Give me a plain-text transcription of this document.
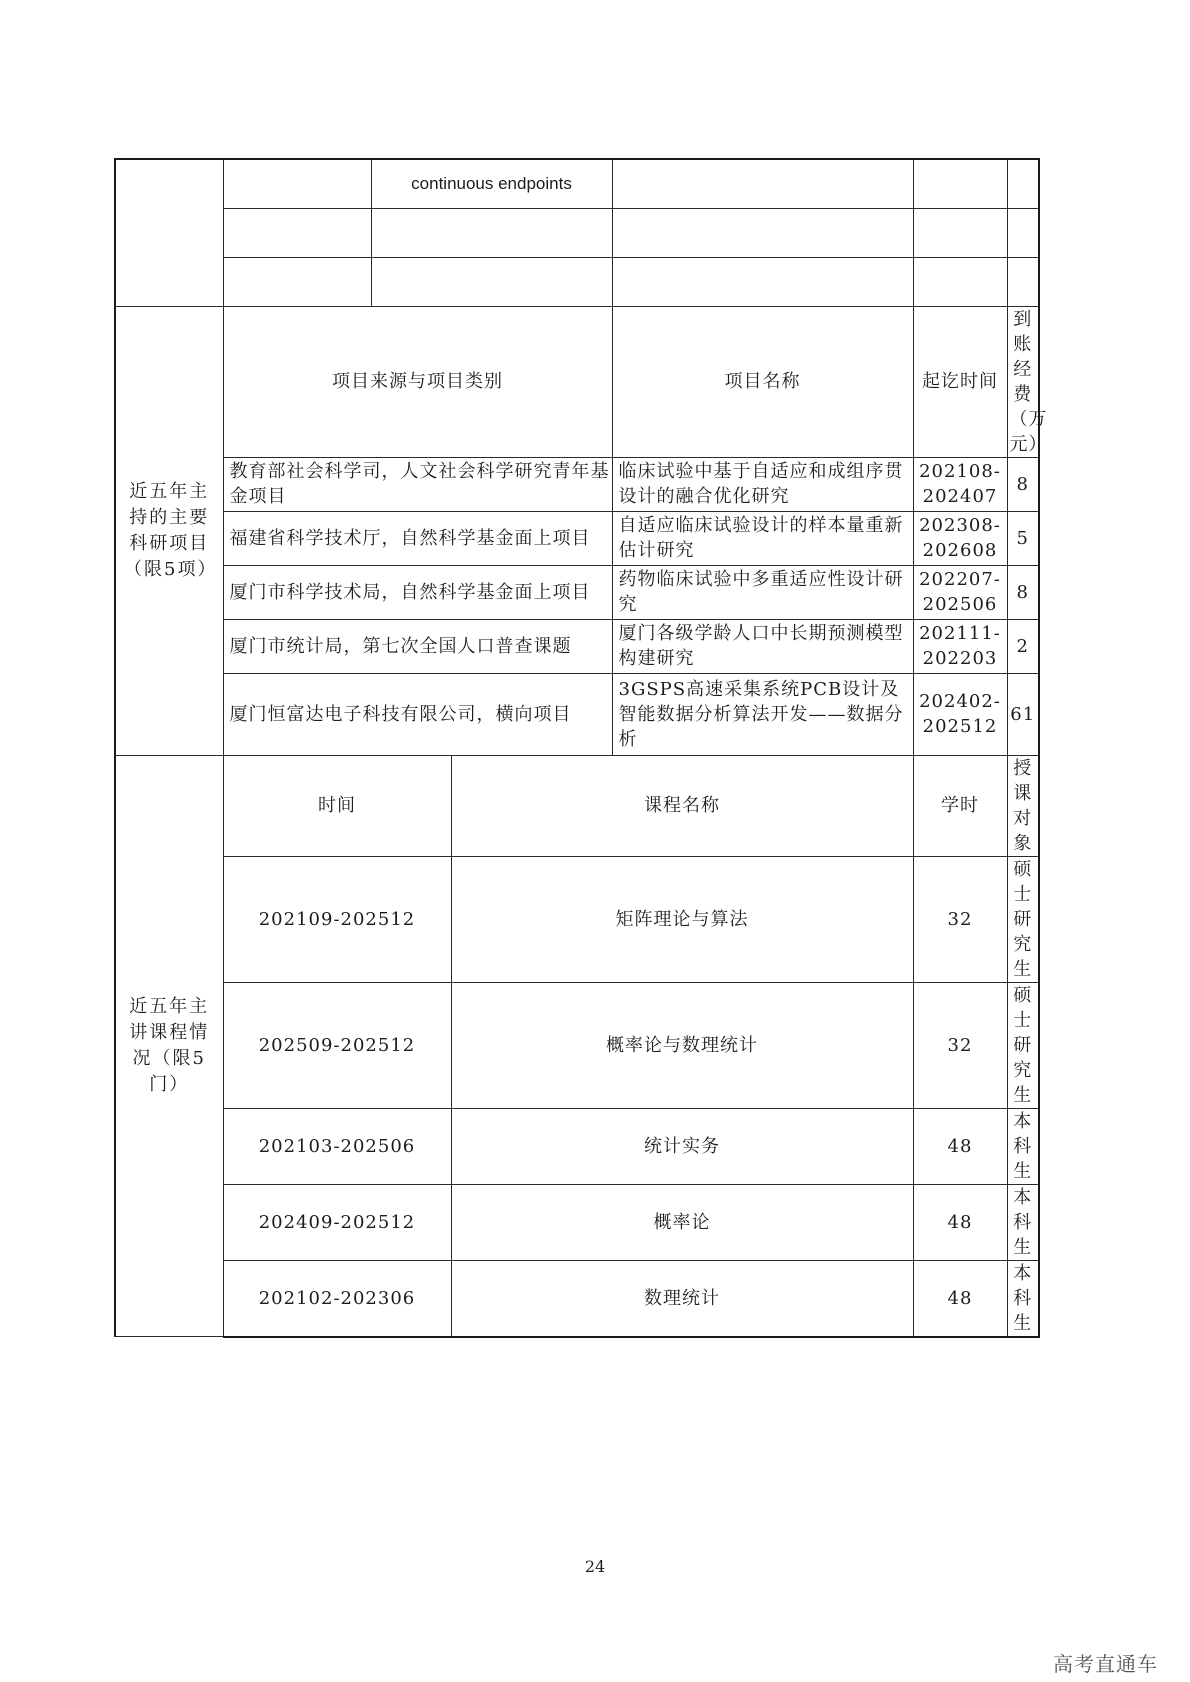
		continuous endpoints				

近五年主持的主要科研项目（限5项）	项目来源与项目类别			项目名称	起讫时间	到账经费（万元）
	教育部社会科学司，人文社会科学研究青年基金项目			临床试验中基于自适应和成组序贯设计的融合优化研究	202108-202407	8
	福建省科学技术厅，自然科学基金面上项目			自适应临床试验设计的样本量重新估计研究	202308-202608	5
	厦门市科学技术局，自然科学基金面上项目			药物临床试验中多重适应性设计研究	202207-202506	8
	厦门市统计局，第七次全国人口普查课题			厦门各级学龄人口中长期预测模型构建研究	202111-202203	2
	厦门恒富达电子科技有限公司，横向项目			3GSPS高速采集系统PCB设计及智能数据分析算法开发——数据分析	202402-202512	61
近五年主讲课程情况（限5门）	时间		课程名称		学时	授课对象
	202109-202512		矩阵理论与算法		32	硕士研究生
	202509-202512		概率论与数理统计		32	硕士研究生
	202103-202506		统计实务		48	本科生
	202409-202512		概率论		48	本科生
	202102-202306		数理统计		48	本科生
24
高考直通车
